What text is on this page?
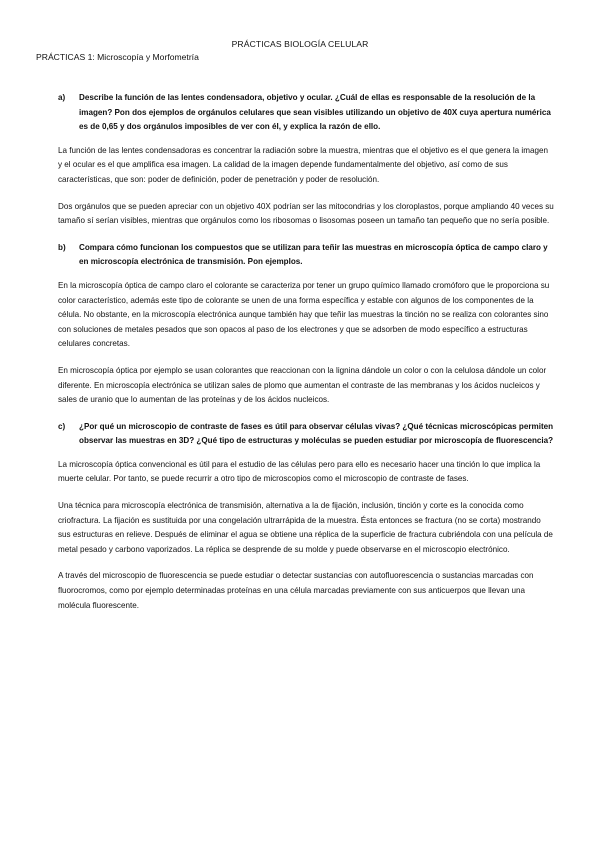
PRÁCTICAS BIOLOGÍA CELULAR
PRÁCTICAS 1: Microscopía y Morfometría
a)	Describe la función de las lentes condensadora, objetivo y ocular. ¿Cuál de ellas es responsable de la resolución de la imagen? Pon dos ejemplos de orgánulos celulares que sean visibles utilizando un objetivo de 40X cuya apertura numérica es de 0,65 y dos orgánulos imposibles de ver con él, y explica la razón de ello.

La función de las lentes condensadoras es concentrar la radiación sobre la muestra, mientras que el objetivo es el que genera la imagen y el ocular es el que amplifica esa imagen. La calidad de la imagen depende fundamentalmente del objetivo, así como de sus características, que son: poder de definición, poder de penetración y poder de resolución.

Dos orgánulos que se pueden apreciar con un objetivo 40X podrían ser las mitocondrias y los cloroplastos, porque ampliando 40 veces su tamaño sí serían visibles, mientras que orgánulos como los ribosomas o lisosomas poseen un tamaño tan pequeño que no sería posible.

b)	Compara cómo funcionan los compuestos que se utilizan para teñir las muestras en microscopía óptica de campo claro y en microscopía electrónica de transmisión. Pon ejemplos.

En la microscopía óptica de campo claro el colorante se caracteriza por tener un grupo químico llamado cromóforo que le proporciona su color característico, además este tipo de colorante se unen de una forma específica y estable con algunos de los componentes de la célula. No obstante, en la microscopía electrónica aunque también hay que teñir las muestras la tinción no se realiza con colorantes sino con soluciones de metales pesados que son opacos al paso de los electrones y que se adsorben de modo específico a estructuras celulares concretas.

En microscopía óptica por ejemplo se usan colorantes que reaccionan con la lignina dándole un color o con la celulosa dándole un color diferente. En microscopía electrónica se utilizan sales de plomo que aumentan el contraste de las membranas y los ácidos nucleicos y sales de uranio que lo aumentan de las proteínas y de los ácidos nucleicos.

c)	¿Por qué un microscopio de contraste de fases es útil para observar células vivas? ¿Qué técnicas microscópicas permiten observar las muestras en 3D? ¿Qué tipo de estructuras y moléculas se pueden estudiar por microscopía de fluorescencia?

La microscopía óptica convencional es útil para el estudio de las células pero para ello es necesario hacer una tinción lo que implica la muerte celular. Por tanto, se puede recurrir a otro tipo de microscopios como el microscopio de contraste de fases.

Una técnica para microscopía electrónica de transmisión, alternativa a la de fijación, inclusión, tinción y corte es la conocida como criofractura. La fijación es sustituida por una congelación ultrarrápida de la muestra. Ésta entonces se fractura (no se corta) mostrando sus estructuras en relieve. Después de eliminar el agua se obtiene una réplica de la superficie de fractura cubriéndola con una película de metal pesado y carbono vaporizados. La réplica se desprende de su molde y puede observarse en el microscopio electrónico.

A través del microscopio de fluorescencia se puede estudiar o detectar sustancias con autofluorescencia o sustancias marcadas con fluorocromos, como por ejemplo determinadas proteínas en una célula marcadas previamente con sus anticuerpos que llevan una molécula fluorescente.
